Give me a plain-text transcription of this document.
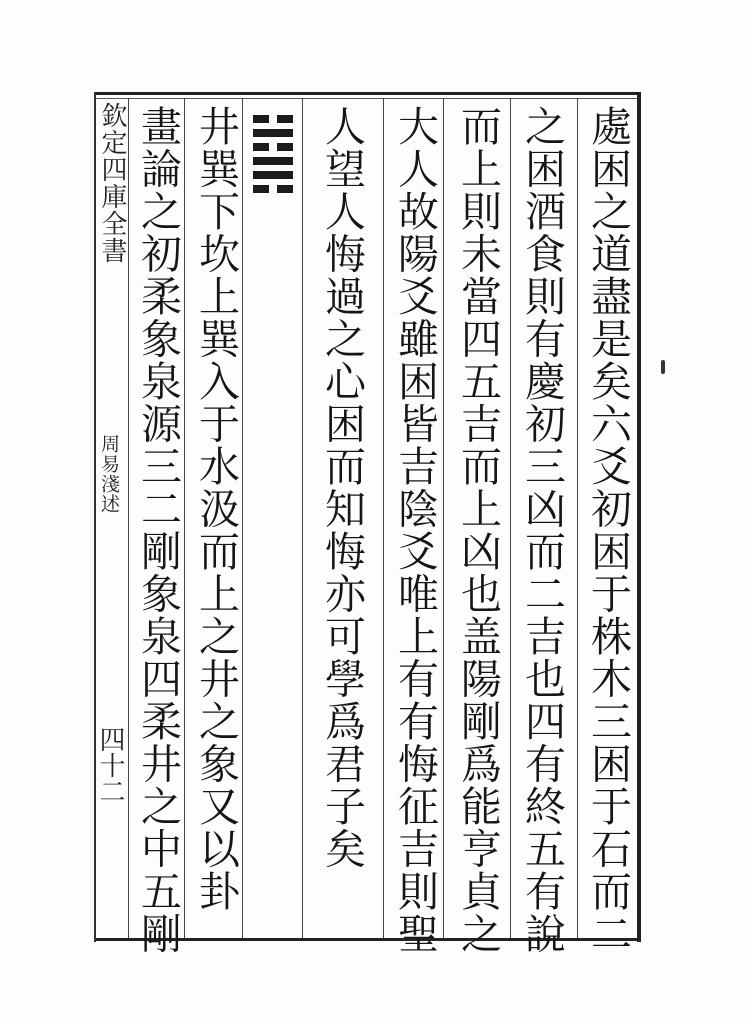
欽定四庫全書
周易淺述
四十二	處困之道盡是矣六爻初困于株木三困于石而二
之困酒食則有慶初三凶而二吉也四有終五有說
而上則未當四五吉而上凶也盖陽剛爲能亨貞之
大人故陽爻雖困皆吉陰爻唯上有有悔征吉則聖
人望人悔過之心困而知悔亦可學爲君子矣
井巽下坎上巽入于水汲而上之井之象又以卦
畫論之初柔象泉源三二剛象泉四柔井之中五剛
